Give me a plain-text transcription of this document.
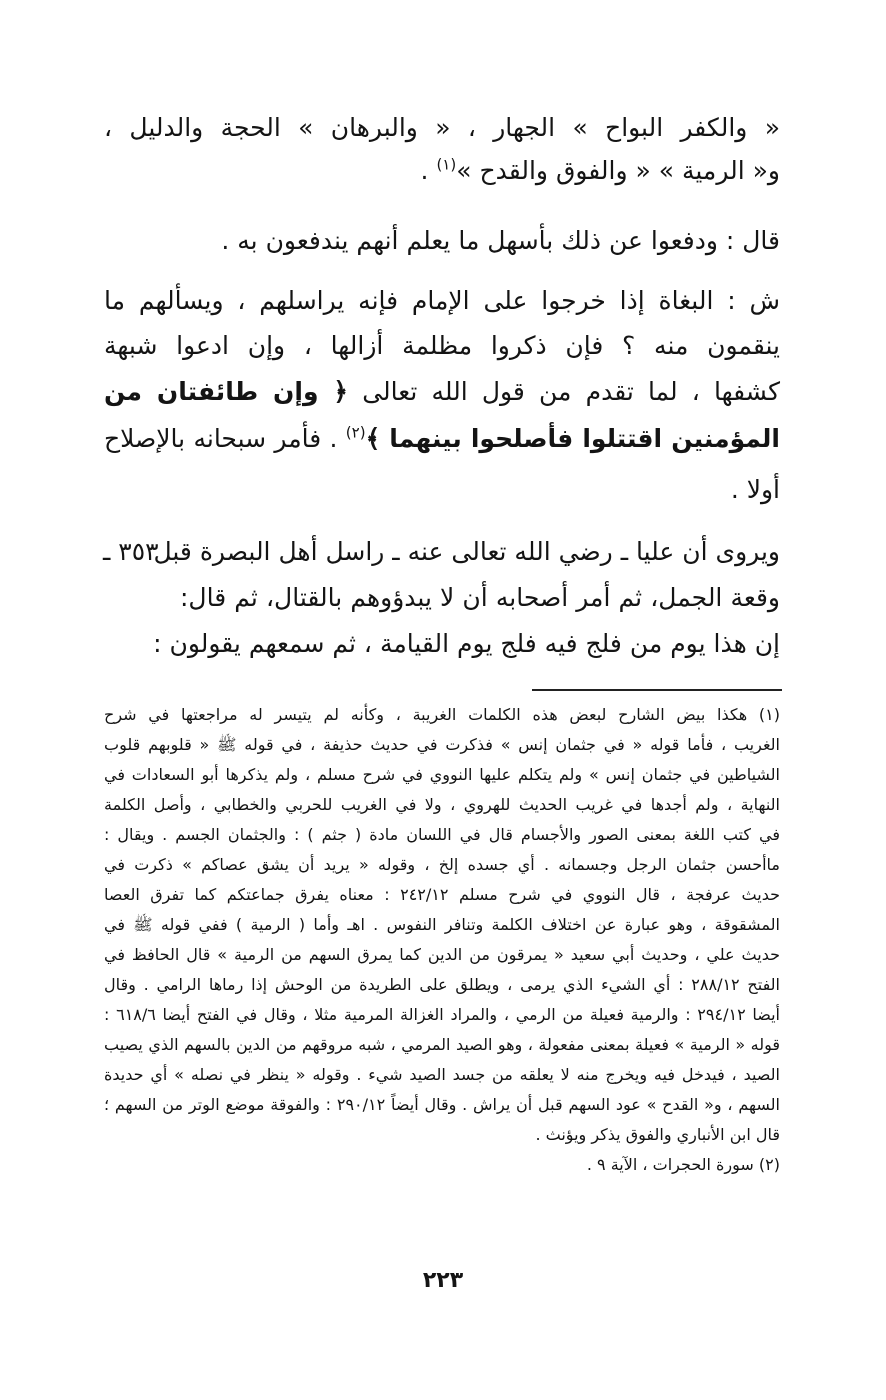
« والكفر البواح » الجهار ، « والبرهان » الحجة والدليل ،

و« الرمية » « والفوق والقدح »$^{(١)}$ .

قال : ودفعوا عن ذلك بأسهل ما يعلم أنهم يندفعون به .

ش : البغاة إذا خرجوا على الإمام فإنه يراسلهم ، ويسألهم ما

ينقمون منه ؟ فإن ذكروا مظلمة أزالها ، وإن ادعوا شبهة

كشفها ، لما تقدم من قول الله تعالى ﴿ وإن طائفتان من

المؤمنين اقتتلوا فأصلحوا بينهما ﴾$^{(٢)}$ . فأمر سبحانه بالإصلاح

أولا .

٣٥٣ ـ

ويروى أن عليا ـ رضي الله تعالى عنه ـ راسل أهل البصرة قبل

وقعة الجمل، ثم أمر أصحابه أن لا يبدؤوهم بالقتال، ثم قال:

إن هذا يوم من فلج فيه فلج يوم القيامة ، ثم سمعهم يقولون :

(١) هكذا بيض الشارح لبعض هذه الكلمات الغريبة ، وكأنه لم يتيسر له مراجعتها في شرح

الغريب ، فأما قوله « في جثمان إنس » فذكرت في حديث حذيفة ، في قوله ﷺ « قلوبهم قلوب

الشياطين في جثمان إنس » ولم يتكلم عليها النووي في شرح مسلم ، ولم يذكرها أبو السعادات في

النهاية ، ولم أجدها في غريب الحديث للهروي ، ولا في الغريب للحربي والخطابي ، وأصل الكلمة

في كتب اللغة بمعنى الصور والأجسام قال في اللسان مادة ( جثم ) : والجثمان الجسم . ويقال :

ماأحسن جثمان الرجل وجسمانه . أي جسده إلخ ، وقوله « يريد أن يشق عصاكم » ذكرت في

حديث عرفجة ، قال النووي في شرح مسلم ٢٤٢/١٢ : معناه يفرق جماعتكم كما تفرق العصا

المشقوقة ، وهو عبارة عن اختلاف الكلمة وتنافر النفوس . اهـ وأما ( الرمية ) ففي قوله ﷺ في

حديث علي ، وحديث أبي سعيد « يمرقون من الدين كما يمرق السهم من الرمية » قال الحافظ في

الفتح ٢٨٨/١٢ : أي الشيء الذي يرمى ، ويطلق على الطريدة من الوحش إذا رماها الرامي . وقال

أيضا ٢٩٤/١٢ : والرمية فعيلة من الرمي ، والمراد الغزالة المرمية مثلا ، وقال في الفتح أيضا ٦١٨/٦ :

قوله « الرمية » فعيلة بمعنى مفعولة ، وهو الصيد المرمي ، شبه مروقهم من الدين بالسهم الذي يصيب

الصيد ، فيدخل فيه ويخرج منه لا يعلقه من جسد الصيد شيء . وقوله « ينظر في نصله » أي حديدة

السهم ، و« القدح » عود السهم قبل أن يراش . وقال أيضاً ٢٩٠/١٢ : والفوقة موضع الوتر من السهم ؛

قال ابن الأنباري والفوق يذكر ويؤنث .

(٢) سورة الحجرات ، الآية ٩ .

٢٢٣
